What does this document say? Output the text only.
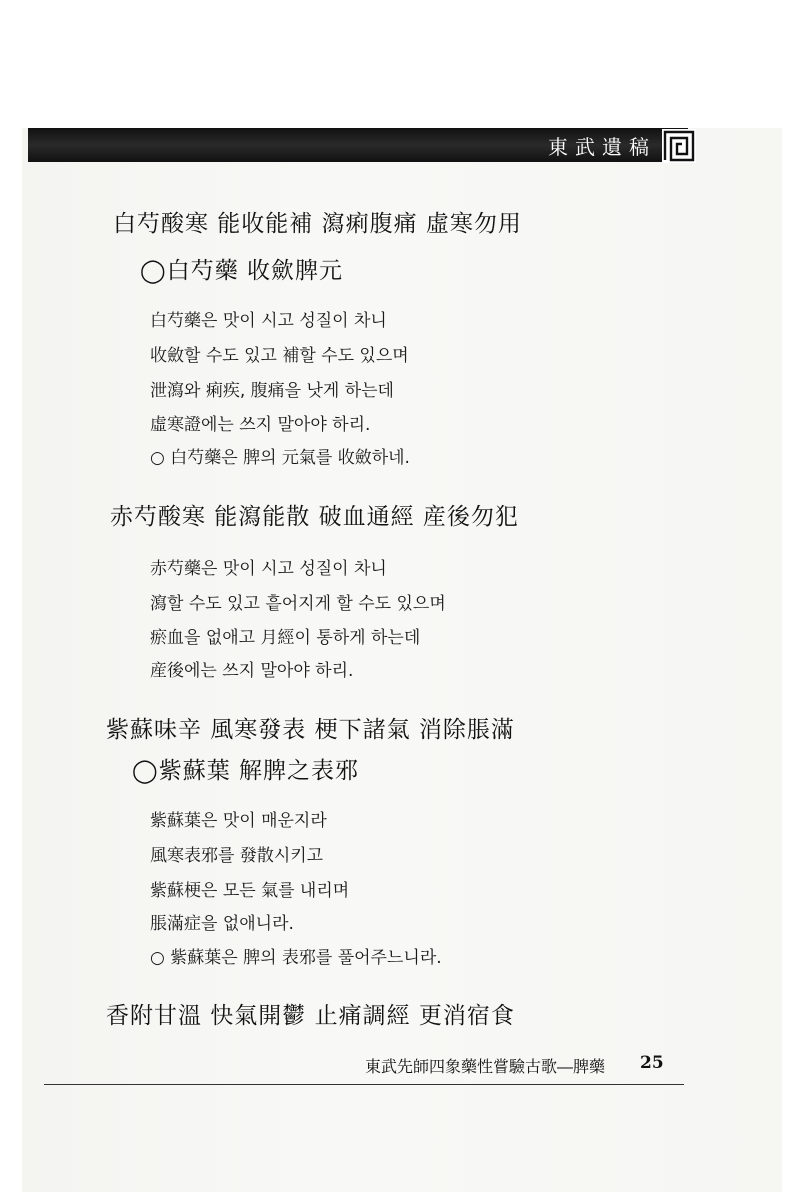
東武遺稿
白芍酸寒 能收能補 瀉痢腹痛 虛寒勿用
◯白芍藥 收歛脾元
白芍藥은 맛이 시고 성질이 차니
收斂할 수도 있고 補할 수도 있으며
泄瀉와 痢疾, 腹痛을 낫게 하는데
虛寒證에는 쓰지 말아야 하리.
○ 白芍藥은 脾의 元氣를 收斂하네.
赤芍酸寒 能瀉能散 破血通經 産後勿犯
赤芍藥은 맛이 시고 성질이 차니
瀉할 수도 있고 흩어지게 할 수도 있으며
瘀血을 없애고 月經이 통하게 하는데
産後에는 쓰지 말아야 하리.
紫蘇味辛 風寒發表 梗下諸氣 消除脹滿
◯紫蘇葉 解脾之表邪
紫蘇葉은 맛이 매운지라
風寒表邪를 發散시키고
紫蘇梗은 모든 氣를 내리며
脹滿症을 없애니라.
○ 紫蘇葉은 脾의 表邪를 풀어주느니라.
香附甘溫 快氣開鬱 止痛調經 更消宿食
東武先師四象藥性嘗驗古歌―脾藥 25
